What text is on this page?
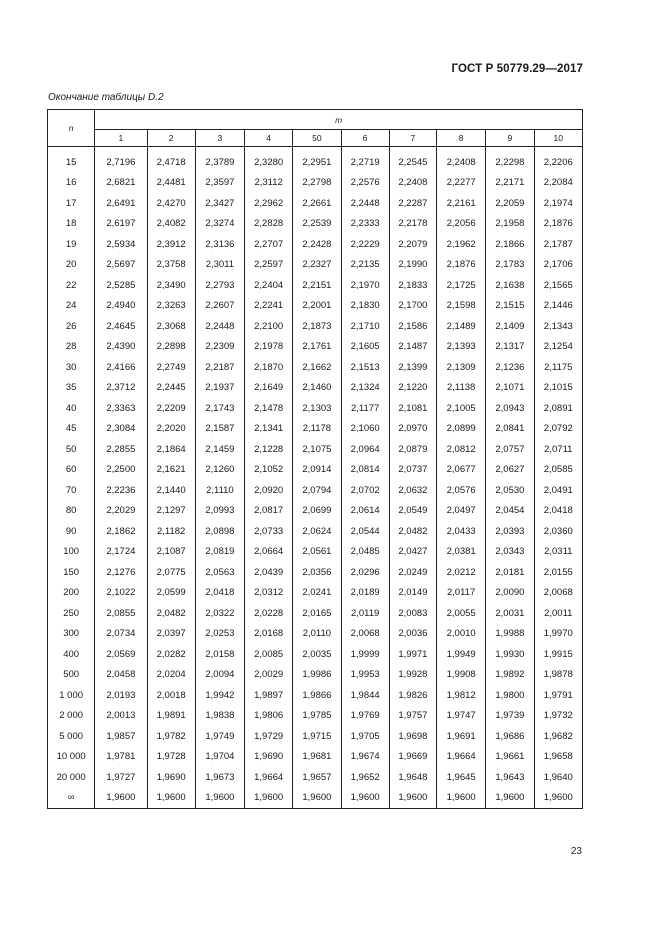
ГОСТ Р 50779.29—2017
Окончание таблицы D.2
n	m									
	1	2	3	4	50	6	7	8	9	10

15	2,7196	2,4718	2,3789	2,3280	2,2951	2,2719	2,2545	2,2408	2,2298	2,2206
16	2,6821	2,4481	2,3597	2,3112	2,2798	2,2576	2,2408	2,2277	2,2171	2,2084
17	2,6491	2,4270	2,3427	2,2962	2,2661	2,2448	2,2287	2,2161	2,2059	2,1974
18	2,6197	2,4082	2,3274	2,2828	2,2539	2,2333	2,2178	2,2056	2,1958	2,1876
19	2,5934	2,3912	2,3136	2,2707	2,2428	2,2229	2,2079	2,1962	2,1866	2,1787
20	2,5697	2,3758	2,3011	2,2597	2,2327	2,2135	2,1990	2,1876	2,1783	2,1706
22	2,5285	2,3490	2,2793	2,2404	2,2151	2,1970	2,1833	2,1725	2,1638	2,1565
24	2,4940	2,3263	2,2607	2,2241	2,2001	2,1830	2,1700	2,1598	2,1515	2,1446
26	2,4645	2,3068	2,2448	2,2100	2,1873	2,1710	2,1586	2,1489	2,1409	2,1343
28	2,4390	2,2898	2,2309	2,1978	2,1761	2,1605	2,1487	2,1393	2,1317	2,1254
30	2,4166	2,2749	2,2187	2,1870	2,1662	2,1513	2,1399	2,1309	2,1236	2,1175
35	2,3712	2,2445	2,1937	2,1649	2,1460	2,1324	2,1220	2,1138	2,1071	2,1015
40	2,3363	2,2209	2,1743	2,1478	2,1303	2,1177	2,1081	2,1005	2,0943	2,0891
45	2,3084	2,2020	2,1587	2,1341	2,1178	2,1060	2,0970	2,0899	2,0841	2,0792
50	2,2855	2,1864	2,1459	2,1228	2,1075	2,0964	2,0879	2,0812	2,0757	2,0711
60	2,2500	2,1621	2,1260	2,1052	2,0914	2,0814	2,0737	2,0677	2,0627	2,0585
70	2,2236	2,1440	2,1110	2,0920	2,0794	2,0702	2,0632	2,0576	2,0530	2,0491
80	2,2029	2,1297	2,0993	2,0817	2,0699	2,0614	2,0549	2,0497	2,0454	2,0418
90	2,1862	2,1182	2,0898	2,0733	2,0624	2,0544	2,0482	2,0433	2,0393	2,0360
100	2,1724	2,1087	2,0819	2,0664	2,0561	2,0485	2,0427	2,0381	2,0343	2,0311
150	2,1276	2,0775	2,0563	2,0439	2,0356	2,0296	2,0249	2,0212	2,0181	2,0155
200	2,1022	2,0599	2,0418	2,0312	2,0241	2,0189	2,0149	2,0117	2,0090	2,0068
250	2,0855	2,0482	2,0322	2,0228	2,0165	2,0119	2,0083	2,0055	2,0031	2,0011
300	2,0734	2,0397	2,0253	2,0168	2,0110	2,0068	2,0036	2,0010	1,9988	1,9970
400	2,0569	2,0282	2,0158	2,0085	2,0035	1,9999	1,9971	1,9949	1,9930	1,9915
500	2,0458	2,0204	2,0094	2,0029	1,9986	1,9953	1,9928	1,9908	1,9892	1,9878
1 000	2,0193	2,0018	1,9942	1,9897	1,9866	1,9844	1,9826	1,9812	1,9800	1,9791
2 000	2,0013	1,9891	1,9838	1,9806	1,9785	1,9769	1,9757	1,9747	1,9739	1,9732
5 000	1,9857	1,9782	1,9749	1,9729	1,9715	1,9705	1,9698	1,9691	1,9686	1,9682
10 000	1,9781	1,9728	1,9704	1,9690	1,9681	1,9674	1,9669	1,9664	1,9661	1,9658
20 000	1,9727	1,9690	1,9673	1,9664	1,9657	1,9652	1,9648	1,9645	1,9643	1,9640
∞	1,9600	1,9600	1,9600	1,9600	1,9600	1,9600	1,9600	1,9600	1,9600	1,9600
23
